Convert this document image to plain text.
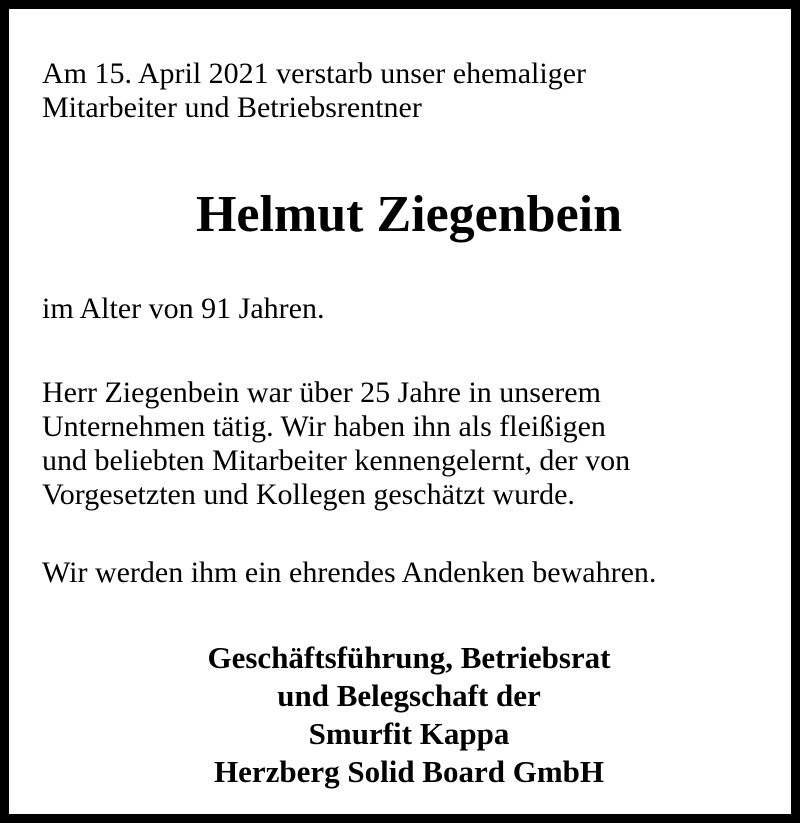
Am 15. April 2021 verstarb unser ehemaliger

Mitarbeiter und Betriebsrentner

Helmut Ziegenbein

im Alter von 91 Jahren.

Herr Ziegenbein war über 25 Jahre in unserem

Unternehmen tätig. Wir haben ihn als fleißigen

und beliebten Mitarbeiter kennengelernt, der von

Vorgesetzten und Kollegen geschätzt wurde.

Wir werden ihm ein ehrendes Andenken bewahren.

Geschäftsführung, Betriebsrat

und Belegschaft der

Smurfit Kappa

Herzberg Solid Board GmbH
